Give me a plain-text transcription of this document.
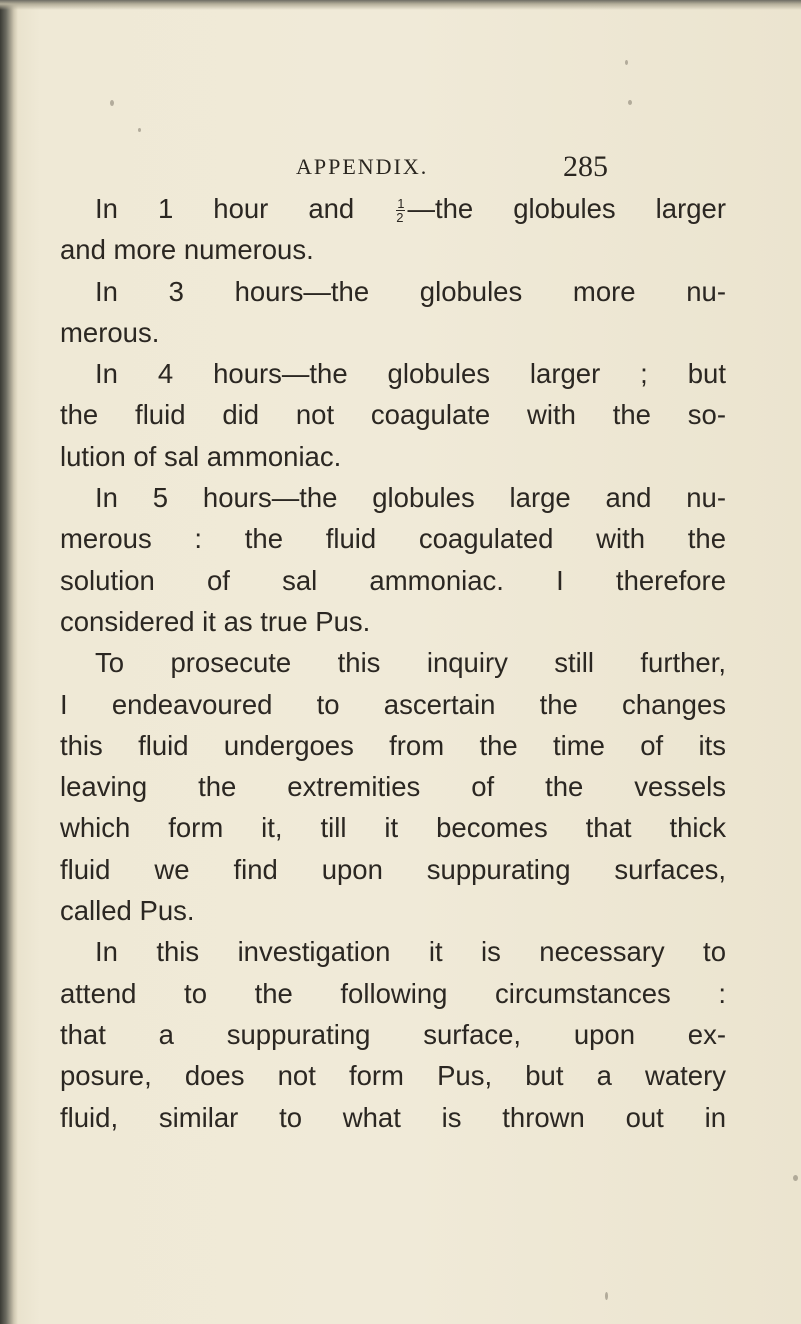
APPENDIX.	285
In 1 hour and $\frac{1}{2}$ —the globules larger
and more numerous.
In 3 hours—the globules more nu-
merous.
In 4 hours—the globules larger ; but
the fluid did not coagulate with the so-
lution of sal ammoniac.
In 5 hours—the globules large and nu-
merous : the fluid coagulated with the
solution of sal ammoniac. I therefore
considered it as true Pus.
To prosecute this inquiry still further,
I endeavoured to ascertain the changes
this fluid undergoes from the time of its
leaving the extremities of the vessels
which form it, till it becomes that thick
fluid we find upon suppurating surfaces,
called Pus.
In this investigation it is necessary to
attend to the following circumstances :
that a suppurating surface, upon ex-
posure, does not form Pus, but a watery
fluid, similar to what is thrown out in
